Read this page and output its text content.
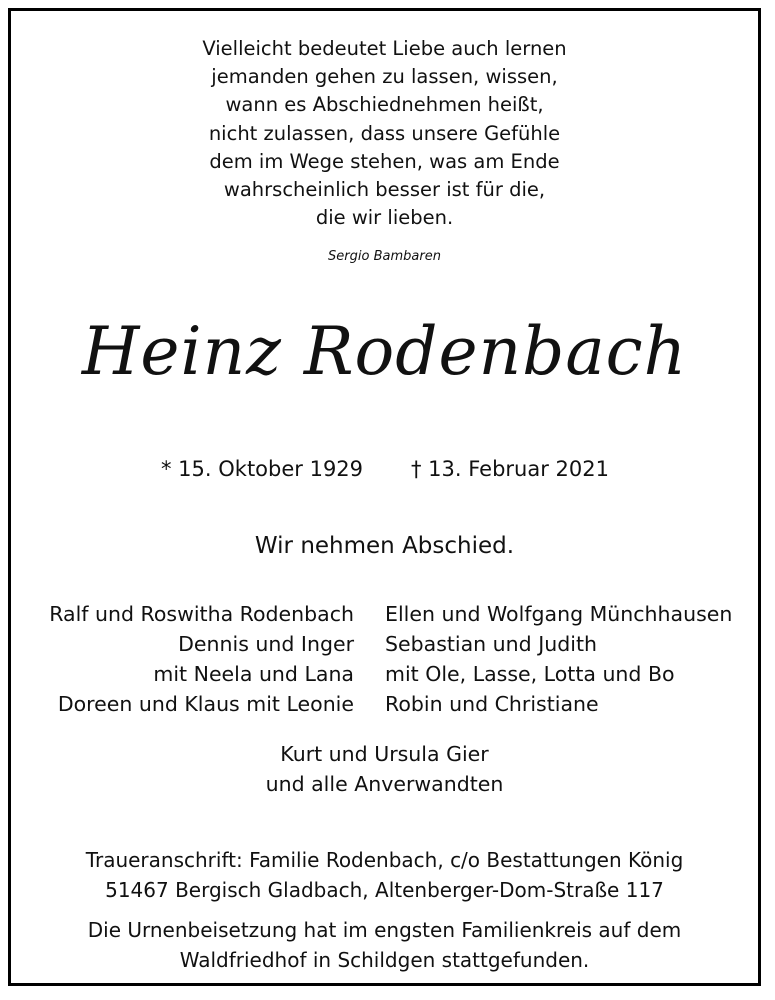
Vielleicht bedeutet Liebe auch lernen
jemanden gehen zu lassen, wissen,
wann es Abschiednehmen heißt,
nicht zulassen, dass unsere Gefühle
dem im Wege stehen, was am Ende
wahrscheinlich besser ist für die,
die wir lieben.
Sergio Bambaren
Heinz Rodenbach
* 15. Oktober 1929 † 13. Februar 2021
Wir nehmen Abschied.
Ralf und Roswitha Rodenbach
Dennis und Inger
mit Neela und Lana
Doreen und Klaus mit Leonie
Ellen und Wolfgang Münchhausen
Sebastian und Judith
mit Ole, Lasse, Lotta und Bo
Robin und Christiane
Kurt und Ursula Gier
und alle Anverwandten
Traueranschrift: Familie Rodenbach, c/o Bestattungen König
51467 Bergisch Gladbach, Altenberger-Dom-Straße 117
Die Urnenbeisetzung hat im engsten Familienkreis auf dem
Waldfriedhof in Schildgen stattgefunden.
